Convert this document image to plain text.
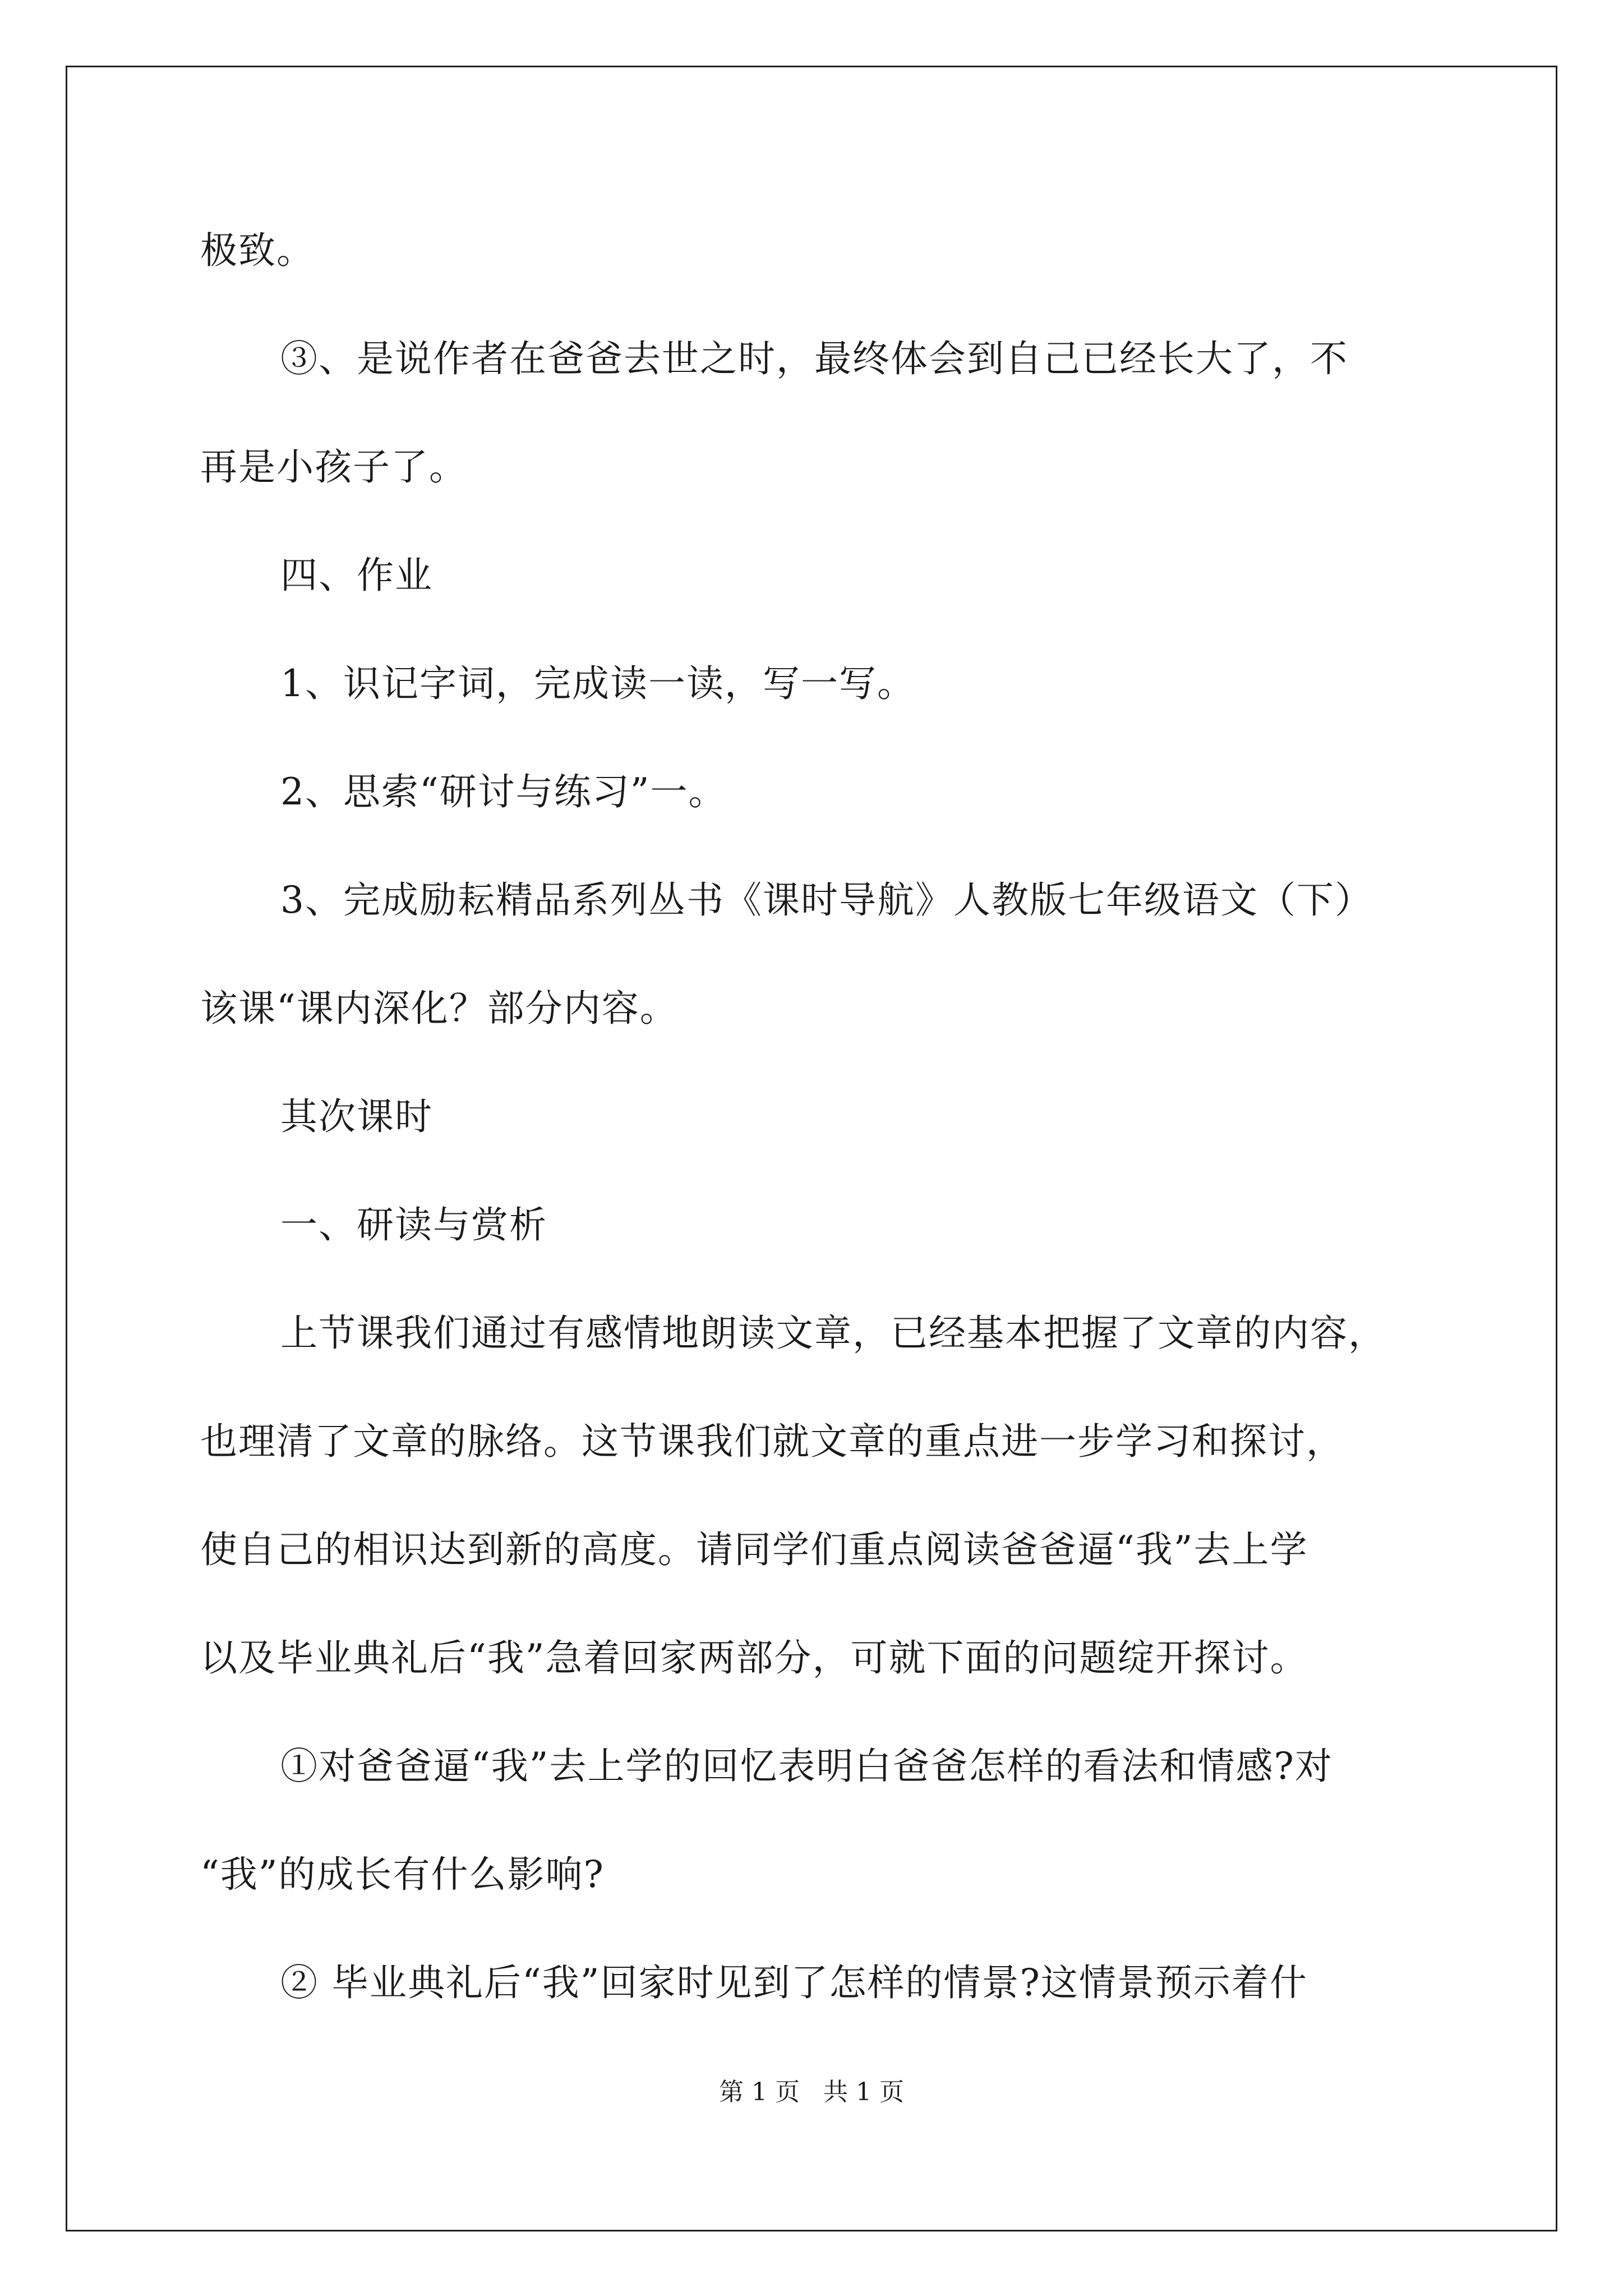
极致。
③、是说作者在爸爸去世之时，最终体会到自己已经长大了，不
再是小孩子了。
四、作业
1、识记字词，完成读一读，写一写。
2、思索“研讨与练习”一。
3、完成励耘精品系列丛书《课时导航》人教版七年级语文（下）
该课“课内深化？部分内容。
其次课时
一、研读与赏析
上节课我们通过有感情地朗读文章，已经基本把握了文章的内容，
也理清了文章的脉络。这节课我们就文章的重点进一步学习和探讨，
使自己的相识达到新的高度。请同学们重点阅读爸爸逼“我”去上学
以及毕业典礼后“我”急着回家两部分，可就下面的问题绽开探讨。
①对爸爸逼“我”去上学的回忆表明白爸爸怎样的看法和情感?对
“我”的成长有什么影响?
② 毕业典礼后“我”回家时见到了怎样的情景?这情景预示着什
第 1 页 共 1 页
